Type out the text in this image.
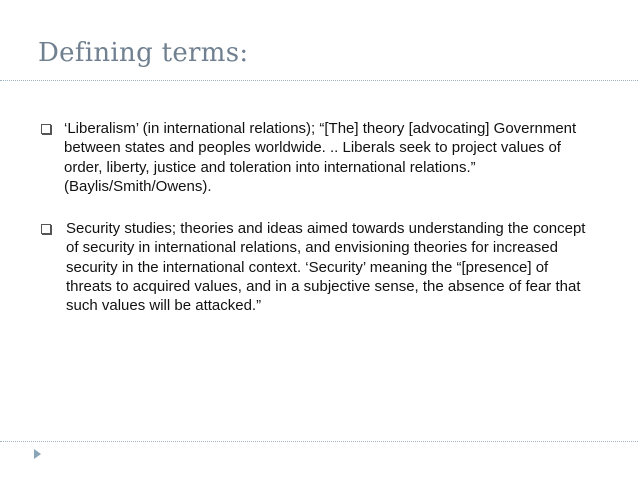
Defining terms:
‘Liberalism’ (in international relations); “[The] theory [advocating] Government between states and peoples worldwide. .. Liberals seek to project values of order, liberty, justice and toleration into international relations.” (Baylis/Smith/Owens).
Security studies; theories and ideas aimed towards understanding the concept of security in international relations, and envisioning theories for increased security in the international context. ‘Security’ meaning the “[presence] of threats to acquired values, and in a subjective sense, the absence of fear that such values will be attacked.”
